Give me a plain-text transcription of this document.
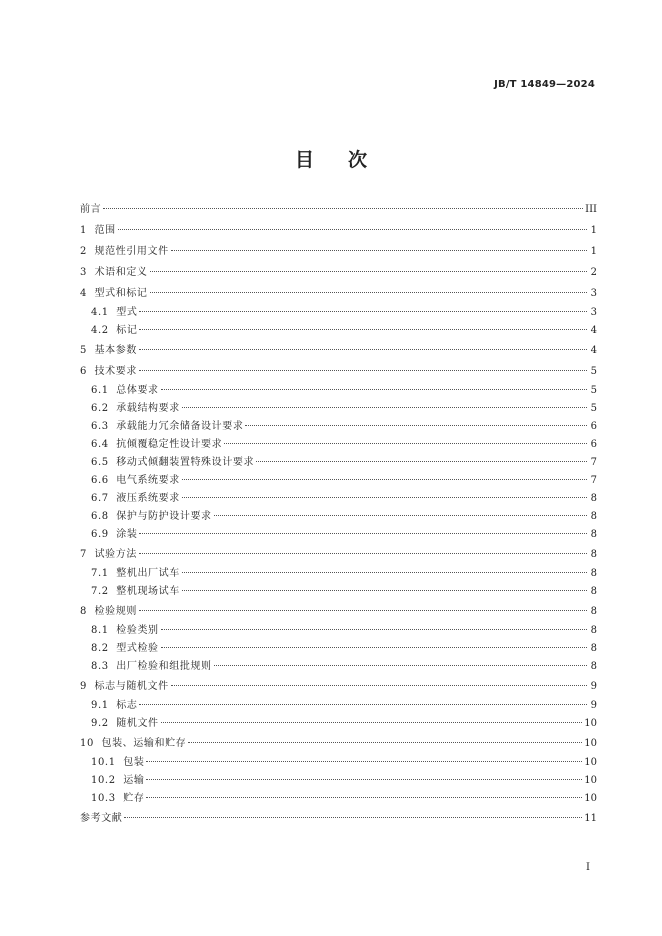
JB/T 14849—2024
目次
前言	III
1  范围	1
2  规范性引用文件	1
3  术语和定义	2
4  型式和标记	3
4.1  型式	3
4.2  标记	4
5  基本参数	4
6  技术要求	5
6.1  总体要求	5
6.2  承载结构要求	5
6.3  承载能力冗余储备设计要求	6
6.4  抗倾覆稳定性设计要求	6
6.5  移动式倾翻装置特殊设计要求	7
6.6  电气系统要求	7
6.7  液压系统要求	8
6.8  保护与防护设计要求	8
6.9  涂装	8
7  试验方法	8
7.1  整机出厂试车	8
7.2  整机现场试车	8
8  检验规则	8
8.1  检验类别	8
8.2  型式检验	8
8.3  出厂检验和组批规则	8
9  标志与随机文件	9
9.1  标志	9
9.2  随机文件	10
10  包装、运输和贮存	10
10.1  包装	10
10.2  运输	10
10.3  贮存	10
参考文献	11
I
